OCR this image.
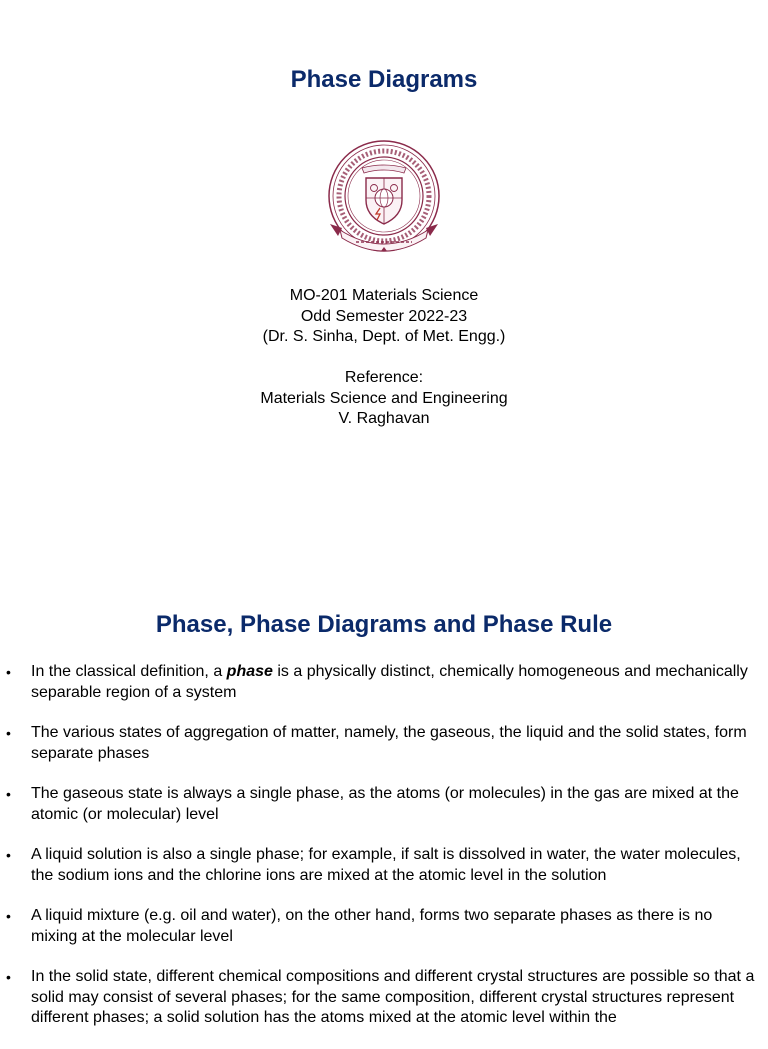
Phase Diagrams
MO-201 Materials Science
Odd Semester 2022-23
(Dr. S. Sinha, Dept. of Met. Engg.)
Reference:
Materials Science and Engineering
V. Raghavan
Phase, Phase Diagrams and Phase Rule
• In the classical definition, a phase is a physically distinct, chemically homogeneous and mechanically separable region of a system
• The various states of aggregation of matter, namely, the gaseous, the liquid and the solid states, form separate phases
• The gaseous state is always a single phase, as the atoms (or molecules) in the gas are mixed at the atomic (or molecular) level
• A liquid solution is also a single phase; for example, if salt is dissolved in water, the water molecules, the sodium ions and the chlorine ions are mixed at the atomic level in the solution
• A liquid mixture (e.g. oil and water), on the other hand, forms two separate phases as there is no mixing at the molecular level
• In the solid state, different chemical compositions and different crystal structures are possible so that a solid may consist of several phases; for the same composition, different crystal structures represent different phases; a solid solution has the atoms mixed at the atomic level within the
